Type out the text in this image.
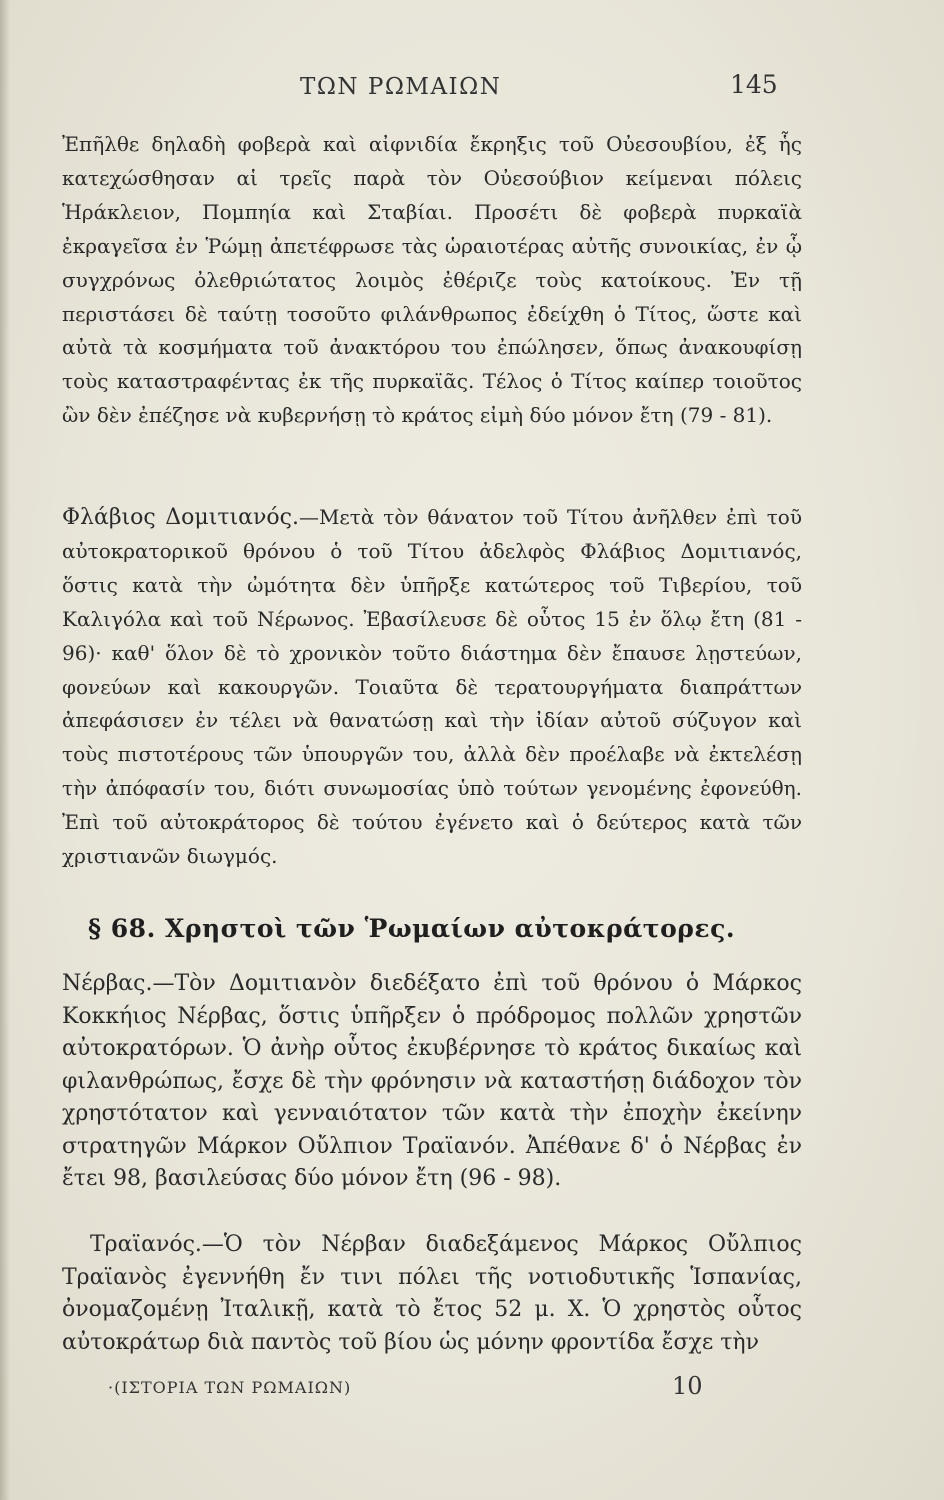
ΤΩΝ ΡΩΜΑΙΩΝ	145

Ἐπῆλθε δηλαδὴ φοβερὰ καὶ αἰφνιδία ἔκρηξις τοῦ Οὐεσουβίου, ἐξ ἧς κατεχώσθησαν αἱ τρεῖς παρὰ τὸν Οὐεσούβιον κείμεναι πόλεις Ἡράκλειον, Πομπηία καὶ Σταβίαι. Προσέτι δὲ φοβερὰ πυρκαϊὰ ἐκραγεῖσα ἐν Ῥώμῃ ἀπετέφρωσε τὰς ὡραιοτέρας αὐτῆς συνοικίας, ἐν ᾧ συγχρόνως ὀλεθριώτατος λοιμὸς ἐθέριζε τοὺς κατοίκους. Ἐν τῇ περιστάσει δὲ ταύτῃ τοσοῦτο φιλάνθρωπος ἐδείχθη ὁ Τίτος, ὥστε καὶ αὐτὰ τὰ κοσμήματα τοῦ ἀνακτόρου του ἐπώλησεν, ὅπως ἀνακουφίσῃ τοὺς καταστραφέντας ἐκ τῆς πυρκαϊᾶς. Τέλος ὁ Τίτος καίπερ τοιοῦτος ὢν δὲν ἐπέζησε νὰ κυβερνήσῃ τὸ κράτος εἰμὴ δύο μόνον ἔτη (79 - 81).

Φλάβιος Δομιτιανός.—Μετὰ τὸν θάνατον τοῦ Τίτου ἀνῆλθεν ἐπὶ τοῦ αὐτοκρατορικοῦ θρόνου ὁ τοῦ Τίτου ἀδελφὸς Φλάβιος Δομιτιανός, ὅστις κατὰ τὴν ὠμότητα δὲν ὑπῆρξε κατώτερος τοῦ Τιβερίου, τοῦ Καλιγόλα καὶ τοῦ Νέρωνος. Ἐβασίλευσε δὲ οὗτος 15 ἐν ὅλῳ ἔτη (81 - 96)· καθ' ὅλον δὲ τὸ χρονικὸν τοῦτο διάστημα δὲν ἔπαυσε λῃστεύων, φονεύων καὶ κακουργῶν. Τοιαῦτα δὲ τερατουργήματα διαπράττων ἀπεφάσισεν ἐν τέλει νὰ θανατώσῃ καὶ τὴν ἰδίαν αὐτοῦ σύζυγον καὶ τοὺς πιστοτέρους τῶν ὑπουργῶν του, ἀλλὰ δὲν προέλαβε νὰ ἐκτελέσῃ τὴν ἀπόφασίν του, διότι συνωμοσίας ὑπὸ τούτων γενομένης ἐφονεύθη. Ἐπὶ τοῦ αὐτοκράτορος δὲ τούτου ἐγένετο καὶ ὁ δεύτερος κατὰ τῶν χριστιανῶν διωγμός.

§ 68. Χρηστοὶ τῶν Ῥωμαίων αὐτοκράτορες.

Νέρβας.—Τὸν Δομιτιανὸν διεδέξατο ἐπὶ τοῦ θρόνου ὁ Μάρκος Κοκκήιος Νέρβας, ὅστις ὑπῆρξεν ὁ πρόδρομος πολλῶν χρηστῶν αὐτοκρατόρων. Ὁ ἀνὴρ οὗτος ἐκυβέρνησε τὸ κράτος δικαίως καὶ φιλανθρώπως, ἔσχε δὲ τὴν φρόνησιν νὰ καταστήσῃ διάδοχον τὸν χρηστότατον καὶ γενναιότατον τῶν κατὰ τὴν ἐποχὴν ἐκείνην στρατηγῶν Μάρκον Οὔλπιον Τραϊανόν. Ἀπέθανε δ' ὁ Νέρβας ἐν ἔτει 98, βασιλεύσας δύο μόνον ἔτη (96 - 98).

Τραϊανός.—Ὁ τὸν Νέρβαν διαδεξάμενος Μάρκος Οὔλπιος Τραϊανὸς ἐγεννήθη ἔν τινι πόλει τῆς νοτιοδυτικῆς Ἱσπανίας, ὀνομαζομένῃ Ἰταλικῇ, κατὰ τὸ ἔτος 52 μ. Χ. Ὁ χρηστὸς οὗτος αὐτοκράτωρ διὰ παντὸς τοῦ βίου ὡς μόνην φροντίδα ἔσχε τὴν

·(ΙΣΤΟΡΙΑ ΤΩΝ ΡΩΜΑΙΩΝ)	10
